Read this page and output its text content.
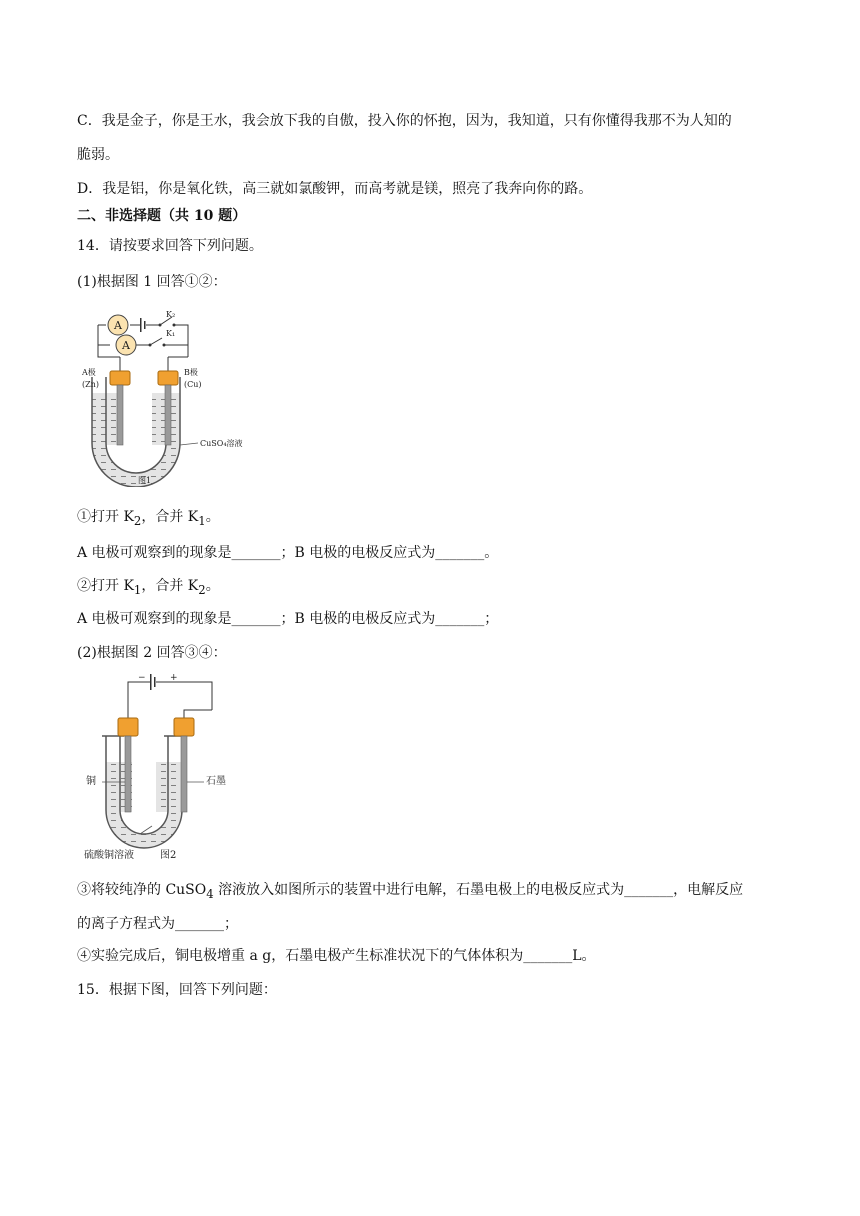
C．我是金子，你是王水，我会放下我的自傲，投入你的怀抱，因为，我知道，只有你懂得我那不为人知的
脆弱。
D．我是铝，你是氧化铁，高三就如氯酸钾，而高考就是镁，照亮了我奔向你的路。
二、非选择题（共 10 题）
14．请按要求回答下列问题。
(1)根据图 1 回答①②：
A
A
K₂
K₁
A极
(Zn)
B极
(Cu)
CuSO₄溶液
图1
①打开 $K_2$，合并 $K_1$。
A 电极可观察到的现象是_______；B 电极的电极反应式为_______。
②打开 $K_1$，合并 $K_2$。
A 电极可观察到的现象是_______；B 电极的电极反应式为_______；
(2)根据图 2 回答③④：
−	+
铜	石墨
硫酸铜溶液	图2
③将较纯净的 CuSO$_4$ 溶液放入如图所示的装置中进行电解，石墨电极上的电极反应式为_______，电解反应
的离子方程式为_______；
④实验完成后，铜电极增重 a g，石墨电极产生标准状况下的气体体积为_______L。
15．根据下图，回答下列问题：
